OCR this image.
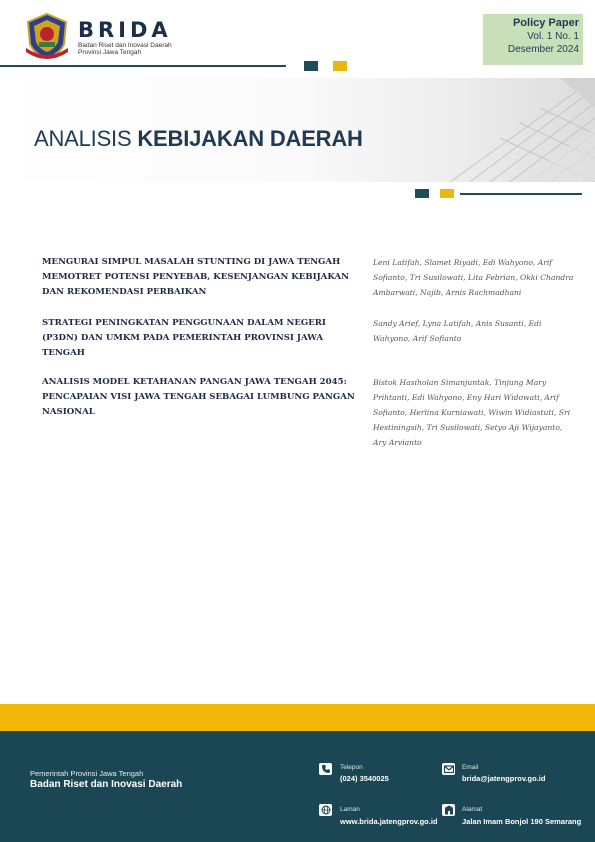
BRIDA
Badan Riset dan Inovasi Daerah
Provinsi Jawa Tengah
Policy Paper
Vol. 1 No. 1
Desember 2024
ANALISIS KEBIJAKAN DAERAH
MENGURAI SIMPUL MASALAH STUNTING DI JAWA TENGAH MEMOTRET POTENSI PENYEBAB, KESENJANGAN KEBIJAKAN DAN REKOMENDASI PERBAIKAN
Leni Latifah, Slamet Riyadi, Edi Wahyono, Arif Sofianto, Tri Susilowati, Lita Febrian, Okki Chandra Ambarwati, Najib, Arnis Rachmadhani
STRATEGI PENINGKATAN PENGGUNAAN DALAM NEGERI (P3DN) DAN UMKM PADA PEMERINTAH PROVINSI JAWA TENGAH
Sandy Arief, Lyna Latifah, Anis Susanti, Edi Wahyono, Arif Sofianto
ANALISIS MODEL KETAHANAN PANGAN JAWA TENGAH 2045: PENCAPAIAN VISI JAWA TENGAH SEBAGAI LUMBUNG PANGAN NASIONAL
Bistok Hasiholan Simanjuntak, Tinjung Mary Prihtanti, Edi Wahyono, Eny Hari Widowati, Arif Sofianto, Herlina Kurniawati, Wiwin Widiastuti, Sri Hestiningsih, Tri Susilowati, Setyo Aji Wijayanto, Ary Arvianto
Pemerintah Provinsi Jawa Tengah
Badan Riset dan Inovasi Daerah
Telepon
(024) 3540025
Email
brida@jatengprov.go.id
Laman
www.brida.jatengprov.go.id
Alamat
Jalan Imam Bonjol 190 Semarang
